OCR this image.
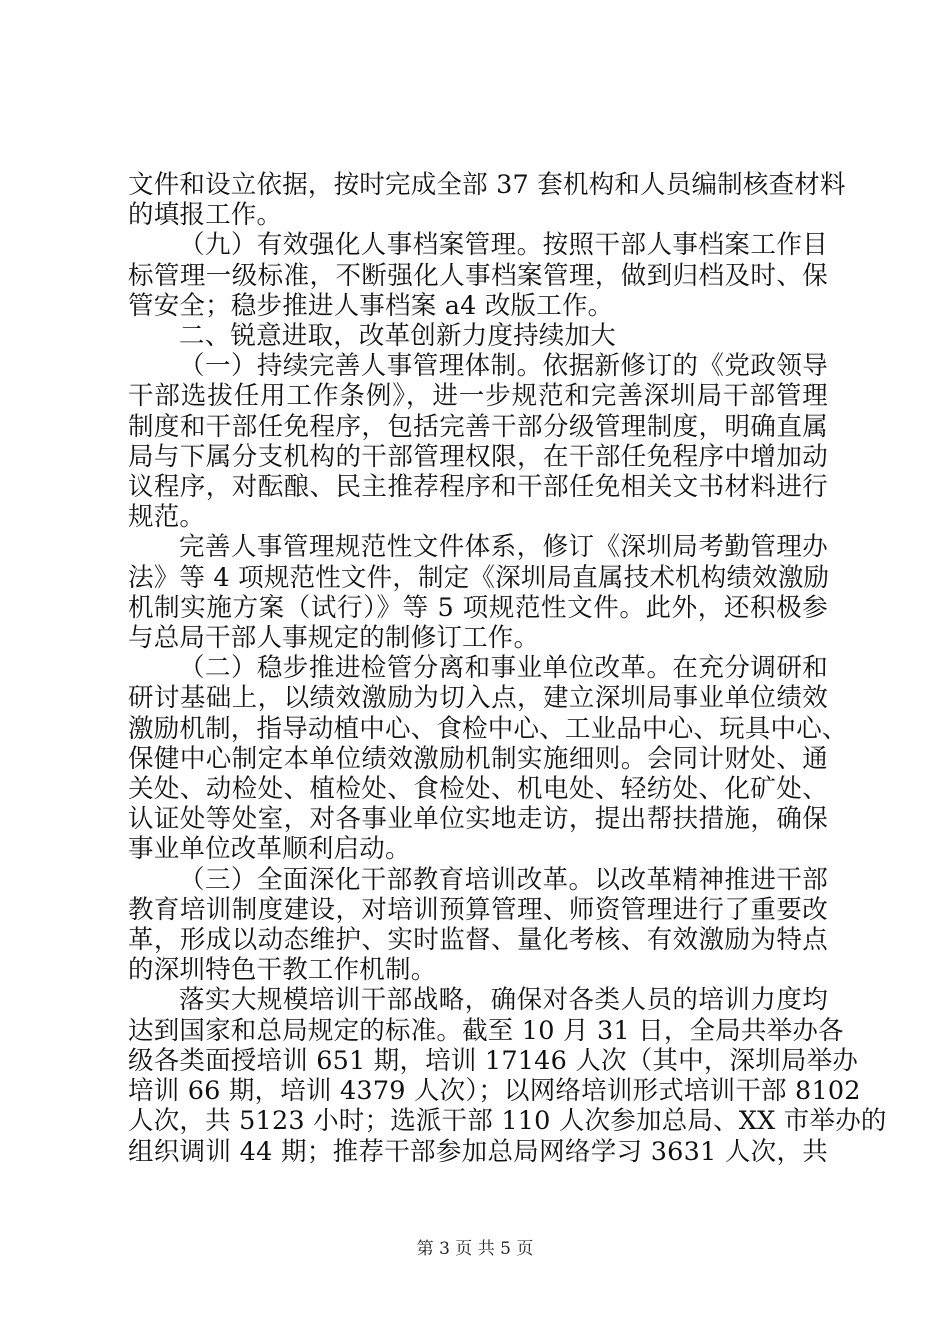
文件和设立依据，按时完成全部 37 套机构和人员编制核查材料
的填报工作。
（九）有效强化人事档案管理。按照干部人事档案工作目
标管理一级标准，不断强化人事档案管理，做到归档及时、保
管安全；稳步推进人事档案 a4 改版工作。
二、锐意进取，改革创新力度持续加大
（一）持续完善人事管理体制。依据新修订的《党政领导
干部选拔任用工作条例》，进一步规范和完善深圳局干部管理
制度和干部任免程序，包括完善干部分级管理制度，明确直属
局与下属分支机构的干部管理权限，在干部任免程序中增加动
议程序，对酝酿、民主推荐程序和干部任免相关文书材料进行
规范。
完善人事管理规范性文件体系，修订《深圳局考勤管理办
法》等 4 项规范性文件，制定《深圳局直属技术机构绩效激励
机制实施方案（试行）》等 5 项规范性文件。此外，还积极参
与总局干部人事规定的制修订工作。
（二）稳步推进检管分离和事业单位改革。在充分调研和
研讨基础上，以绩效激励为切入点，建立深圳局事业单位绩效
激励机制，指导动植中心、食检中心、工业品中心、玩具中心、
保健中心制定本单位绩效激励机制实施细则。会同计财处、通
关处、动检处、植检处、食检处、机电处、轻纺处、化矿处、
认证处等处室，对各事业单位实地走访，提出帮扶措施，确保
事业单位改革顺利启动。
（三）全面深化干部教育培训改革。以改革精神推进干部
教育培训制度建设，对培训预算管理、师资管理进行了重要改
革，形成以动态维护、实时监督、量化考核、有效激励为特点
的深圳特色干教工作机制。
落实大规模培训干部战略，确保对各类人员的培训力度均
达到国家和总局规定的标准。截至 10 月 31 日，全局共举办各
级各类面授培训 651 期，培训 17146 人次（其中，深圳局举办
培训 66 期，培训 4379 人次）；以网络培训形式培训干部 8102
人次，共 5123 小时；选派干部 110 人次参加总局、XX 市举办的
组织调训 44 期；推荐干部参加总局网络学习 3631 人次，共
第 3 页 共 5 页
